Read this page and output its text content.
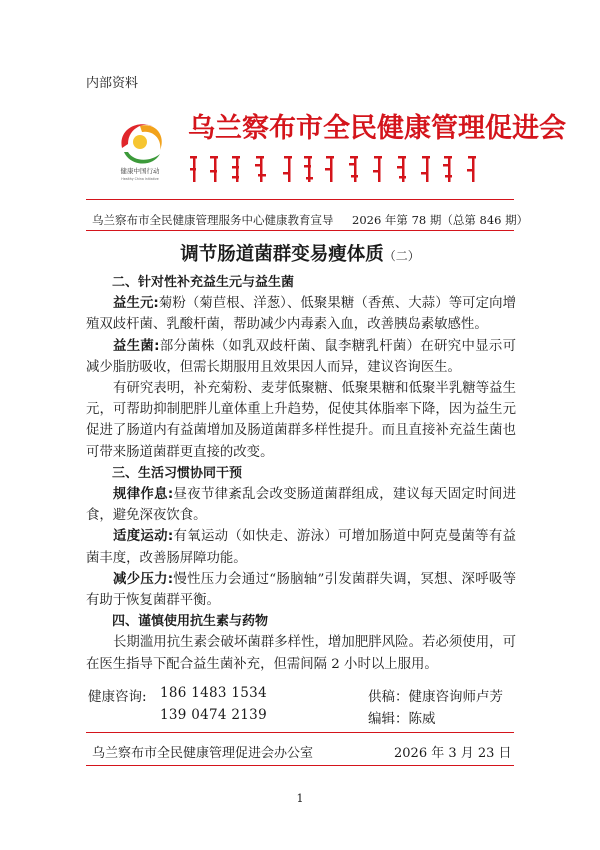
内部资料
健康中国行动
Healthy China Initiative
乌兰察布市全民健康管理促进会
乌兰察布市全民健康管理服务中心健康教育宣导 2026 年第 78 期（总第 846 期）
调节肠道菌群变易瘦体质（二）

二、针对性补充益生元与益生菌

益生元:菊粉（菊苣根、洋葱）、低聚果糖（香蕉、大蒜）等可定向增殖双歧杆菌、乳酸杆菌，帮助减少内毒素入血，改善胰岛素敏感性。

益生菌:部分菌株（如乳双歧杆菌、鼠李糖乳杆菌）在研究中显示可减少脂肪吸收，但需长期服用且效果因人而异，建议咨询医生。

有研究表明，补充菊粉、麦芽低聚糖、低聚果糖和低聚半乳糖等益生元，可帮助抑制肥胖儿童体重上升趋势，促使其体脂率下降，因为益生元促进了肠道内有益菌增加及肠道菌群多样性提升。而且直接补充益生菌也可带来肠道菌群更直接的改变。

三、生活习惯协同干预

规律作息:昼夜节律紊乱会改变肠道菌群组成，建议每天固定时间进食，避免深夜饮食。

适度运动:有氧运动（如快走、游泳）可增加肠道中阿克曼菌等有益菌丰度，改善肠屏障功能。

减少压力:慢性压力会通过“肠脑轴”引发菌群失调，冥想、深呼吸等有助于恢复菌群平衡。

四、谨慎使用抗生素与药物

长期滥用抗生素会破坏菌群多样性，增加肥胖风险。若必须使用，可在医生指导下配合益生菌补充，但需间隔 2 小时以上服用。

健康咨询: 186 1483 1534
139 0474 2139
供稿：健康咨询师卢芳
编辑：陈威
乌兰察布市全民健康管理促进会办公室	2026 年 3 月 23 日
1
